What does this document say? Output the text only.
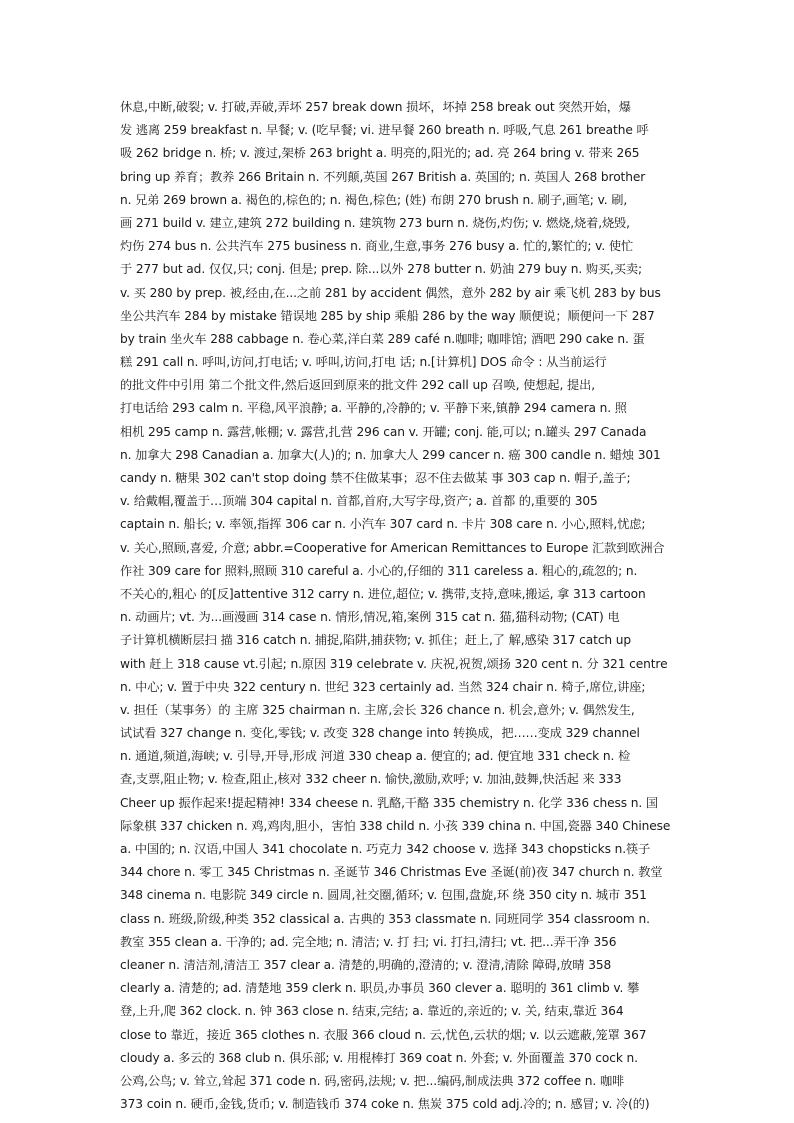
休息,中断,破裂; v. 打破,弄破,弄坏 257 break down 损坏，坏掉 258 break out 突然开始，爆
发 逃离 259 breakfast n. 早餐; v. (吃早餐; vi. 进早餐 260 breath n. 呼吸,气息 261 breathe 呼
吸 262 bridge n. 桥; v. 渡过,架桥 263 bright a. 明亮的,阳光的; ad. 亮 264 bring v. 带来 265
bring up 养育；教养 266 Britain n. 不列颠,英国 267 British a. 英国的; n. 英国人 268 brother
n. 兄弟 269 brown a. 褐色的,棕色的; n. 褐色,棕色; (姓) 布朗 270 brush n. 刷子,画笔; v. 刷,
画 271 build v. 建立,建筑 272 building n. 建筑物 273 burn n. 烧伤,灼伤; v. 燃烧,烧着,烧毁,
灼伤 274 bus n. 公共汽车 275 business n. 商业,生意,事务 276 busy a. 忙的,繁忙的; v. 使忙
于 277 but ad. 仅仅,只; conj. 但是; prep. 除...以外 278 butter n. 奶油 279 buy n. 购买,买卖;
v. 买 280 by prep. 被,经由,在...之前 281 by accident 偶然，意外 282 by air 乘飞机 283 by bus
坐公共汽车 284 by mistake 错误地 285 by ship 乘船 286 by the way 顺便说；顺便问一下 287
by train 坐火车 288 cabbage n. 卷心菜,洋白菜 289 café n.咖啡; 咖啡馆; 酒吧 290 cake n. 蛋
糕 291 call n. 呼叫,访问,打电话; v. 呼叫,访问,打电 话; n.[计算机] DOS 命令 : 从当前运行
的批文件中引用 第二个批文件,然后返回到原来的批文件 292 call up 召唤, 使想起, 提出,
打电话给 293 calm n. 平稳,风平浪静; a. 平静的,冷静的; v. 平静下来,镇静 294 camera n. 照
相机 295 camp n. 露营,帐棚; v. 露营,扎营 296 can v. 开罐; conj. 能,可以; n.罐头 297 Canada
n. 加拿大 298 Canadian a. 加拿大(人)的; n. 加拿大人 299 cancer n. 癌 300 candle n. 蜡烛 301
candy n. 糖果 302 can't stop doing 禁不住做某事；忍不住去做某 事 303 cap n. 帽子,盖子;
v. 给戴帽,覆盖于…顶端 304 capital n. 首都,首府,大写字母,资产; a. 首都 的,重要的 305
captain n. 船长; v. 率领,指挥 306 car n. 小汽车 307 card n. 卡片 308 care n. 小心,照料,忧虑;
v. 关心,照顾,喜爱, 介意; abbr.=Cooperative for American Remittances to Europe 汇款到欧洲合
作社 309 care for 照料,照顾 310 careful a. 小心的,仔细的 311 careless a. 粗心的,疏忽的; n.
不关心的,粗心 的[反]attentive 312 carry n. 进位,超位; v. 携带,支持,意味,搬运, 拿 313 cartoon
n. 动画片; vt. 为...画漫画 314 case n. 情形,情况,箱,案例 315 cat n. 猫,猫科动物; (CAT) 电
子计算机横断层扫 描 316 catch n. 捕捉,陷阱,捕获物; v. 抓住；赶上,了 解,感染 317 catch up
with 赶上 318 cause vt.引起; n.原因 319 celebrate v. 庆祝,祝贺,颂扬 320 cent n. 分 321 centre
n. 中心; v. 置于中央 322 century n. 世纪 323 certainly ad. 当然 324 chair n. 椅子,席位,讲座;
v. 担任（某事务）的 主席 325 chairman n. 主席,会长 326 chance n. 机会,意外; v. 偶然发生,
试试看 327 change n. 变化,零钱; v. 改变 328 change into 转换成，把……变成 329 channel
n. 通道,频道,海峡; v. 引导,开导,形成 河道 330 cheap a. 便宜的; ad. 便宜地 331 check n. 检
查,支票,阻止物; v. 检查,阻止,核对 332 cheer n. 愉快,激励,欢呼; v. 加油,鼓舞,快活起 来 333
Cheer up 振作起来!提起精神! 334 cheese n. 乳酪,干酪 335 chemistry n. 化学 336 chess n. 国
际象棋 337 chicken n. 鸡,鸡肉,胆小，害怕 338 child n. 小孩 339 china n. 中国,瓷器 340 Chinese
a. 中国的; n. 汉语,中国人 341 chocolate n. 巧克力 342 choose v. 选择 343 chopsticks n.筷子
344 chore n. 零工 345 Christmas n. 圣诞节 346 Christmas Eve 圣诞(前)夜 347 church n. 教堂
348 cinema n. 电影院 349 circle n. 圆周,社交圈,循环; v. 包围,盘旋,环 绕 350 city n. 城市 351
class n. 班级,阶级,种类 352 classical a. 古典的 353 classmate n. 同班同学 354 classroom n.
教室 355 clean a. 干净的; ad. 完全地; n. 清洁; v. 打 扫; vi. 打扫,清扫; vt. 把...弄干净 356
cleaner n. 清洁剂,清洁工 357 clear a. 清楚的,明确的,澄清的; v. 澄清,清除 障碍,放晴 358
clearly a. 清楚的; ad. 清楚地 359 clerk n. 职员,办事员 360 clever a. 聪明的 361 climb v. 攀
登,上升,爬 362 clock. n. 钟 363 close n. 结束,完结; a. 靠近的,亲近的; v. 关, 结束,靠近 364
close to 靠近，接近 365 clothes n. 衣服 366 cloud n. 云,忧色,云状的烟; v. 以云遮蔽,笼罩 367
cloudy a. 多云的 368 club n. 俱乐部; v. 用棍棒打 369 coat n. 外套; v. 外面覆盖 370 cock n.
公鸡,公鸟; v. 耸立,耸起 371 code n. 码,密码,法规; v. 把...编码,制成法典 372 coffee n. 咖啡
373 coin n. 硬币,金钱,货币; v. 制造钱币 374 coke n. 焦炭 375 cold adj.冷的; n. 感冒; v. 冷(的)
